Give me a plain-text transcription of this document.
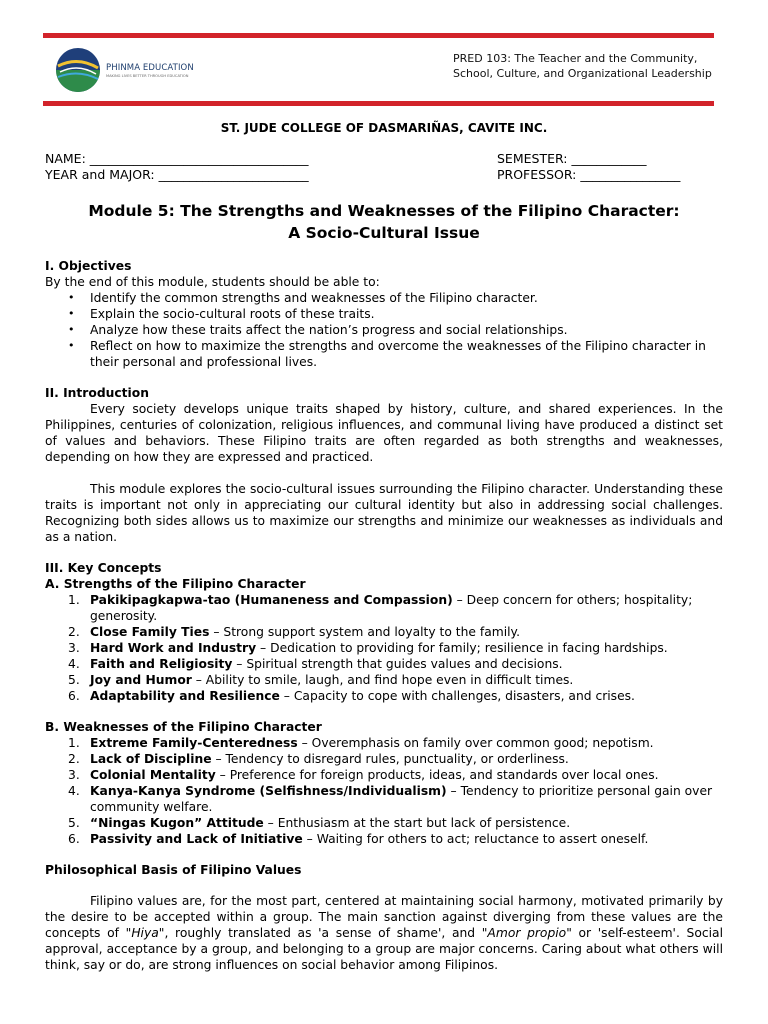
PHINMA EDUCATION
MAKING LIVES BETTER THROUGH EDUCATION
PRED 103: The Teacher and the Community,
School, Culture, and Organizational Leadership
ST. JUDE COLLEGE OF DASMARIÑAS, CAVITE INC.
NAME: ___________________________________
YEAR and MAJOR: ________________________
SEMESTER: ____________
PROFESSOR: ________________
Module 5: The Strengths and Weaknesses of the Filipino Character:
A Socio-Cultural Issue
I. Objectives
By the end of this module, students should be able to:
• Identify the common strengths and weaknesses of the Filipino character.
• Explain the socio-cultural roots of these traits.
• Analyze how these traits affect the nation’s progress and social relationships.
• Reflect on how to maximize the strengths and overcome the weaknesses of the Filipino character in their personal and professional lives.
II. Introduction

Every society develops unique traits shaped by history, culture, and shared experiences. In the Philippines, centuries of colonization, religious influences, and communal living have produced a distinct set of values and behaviors. These Filipino traits are often regarded as both strengths and weaknesses, depending on how they are expressed and practiced.

This module explores the socio-cultural issues surrounding the Filipino character. Understanding these traits is important not only in appreciating our cultural identity but also in addressing social challenges. Recognizing both sides allows us to maximize our strengths and minimize our weaknesses as individuals and as a nation.

III. Key Concepts
A. Strengths of the Filipino Character
1. Pakikipagkapwa-tao (Humaneness and Compassion) – Deep concern for others; hospitality; generosity.
2. Close Family Ties – Strong support system and loyalty to the family.
3. Hard Work and Industry – Dedication to providing for family; resilience in facing hardships.
4. Faith and Religiosity – Spiritual strength that guides values and decisions.
5. Joy and Humor – Ability to smile, laugh, and find hope even in difficult times.
6. Adaptability and Resilience – Capacity to cope with challenges, disasters, and crises.
B. Weaknesses of the Filipino Character
1. Extreme Family-Centeredness – Overemphasis on family over common good; nepotism.
2. Lack of Discipline – Tendency to disregard rules, punctuality, or orderliness.
3. Colonial Mentality – Preference for foreign products, ideas, and standards over local ones.
4. Kanya-Kanya Syndrome (Selfishness/Individualism) – Tendency to prioritize personal gain over community welfare.
5. “Ningas Kugon” Attitude – Enthusiasm at the start but lack of persistence.
6. Passivity and Lack of Initiative – Waiting for others to act; reluctance to assert oneself.
Philosophical Basis of Filipino Values

Filipino values are, for the most part, centered at maintaining social harmony, motivated primarily by the desire to be accepted within a group. The main sanction against diverging from these values are the concepts of "Hiya", roughly translated as 'a sense of shame', and "Amor propio" or 'self-esteem'. Social approval, acceptance by a group, and belonging to a group are major concerns. Caring about what others will think, say or do, are strong influences on social behavior among Filipinos.
